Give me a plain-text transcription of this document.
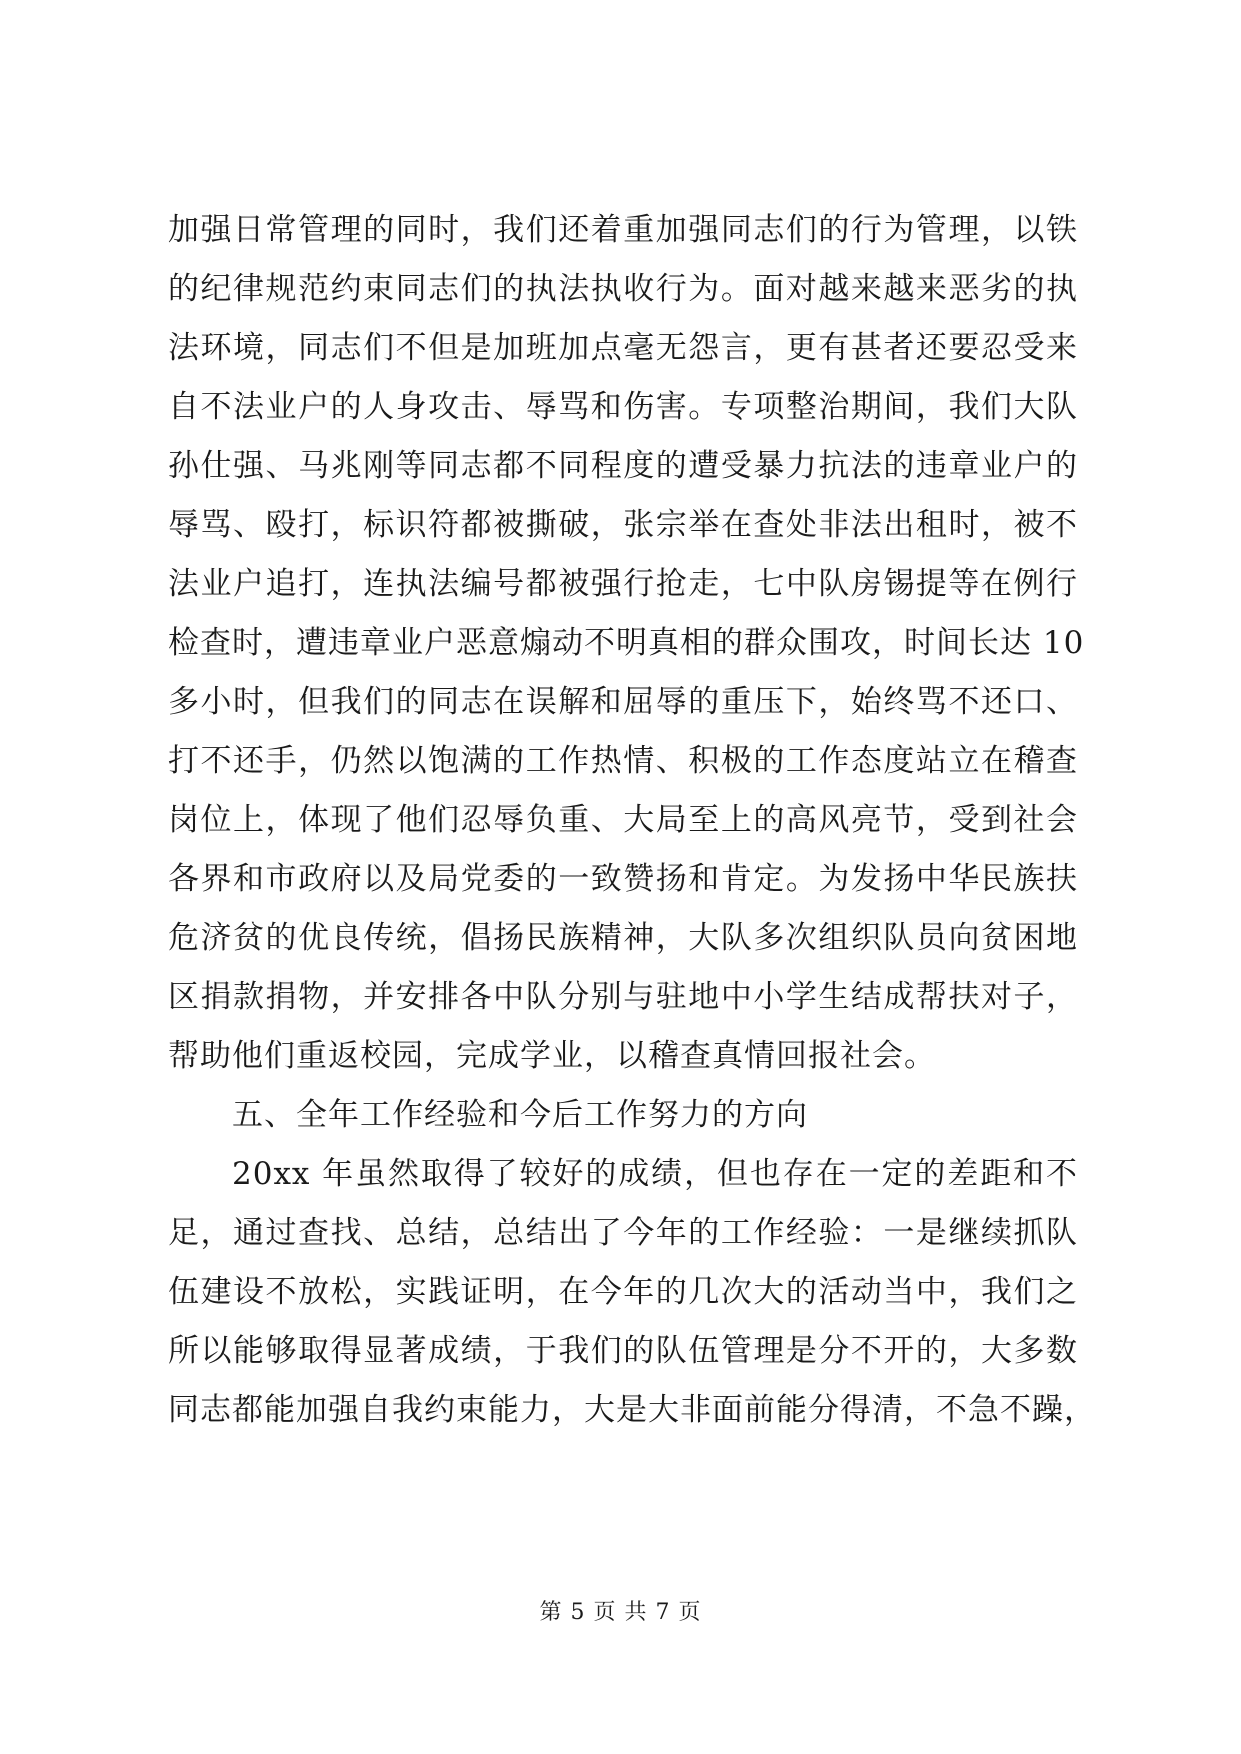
加强日常管理的同时，我们还着重加强同志们的行为管理，以铁
的纪律规范约束同志们的执法执收行为。面对越来越来恶劣的执
法环境，同志们不但是加班加点毫无怨言，更有甚者还要忍受来
自不法业户的人身攻击、辱骂和伤害。专项整治期间，我们大队
孙仕强、马兆刚等同志都不同程度的遭受暴力抗法的违章业户的
辱骂、殴打，标识符都被撕破，张宗举在查处非法出租时，被不
法业户追打，连执法编号都被强行抢走，七中队房锡提等在例行
检查时，遭违章业户恶意煽动不明真相的群众围攻，时间长达 10
多小时，但我们的同志在误解和屈辱的重压下，始终骂不还口、
打不还手，仍然以饱满的工作热情、积极的工作态度站立在稽查
岗位上，体现了他们忍辱负重、大局至上的高风亮节，受到社会
各界和市政府以及局党委的一致赞扬和肯定。为发扬中华民族扶
危济贫的优良传统，倡扬民族精神，大队多次组织队员向贫困地
区捐款捐物，并安排各中队分别与驻地中小学生结成帮扶对子，
帮助他们重返校园，完成学业，以稽查真情回报社会。
五、全年工作经验和今后工作努力的方向
20xx 年虽然取得了较好的成绩，但也存在一定的差距和不
足，通过查找、总结，总结出了今年的工作经验：一是继续抓队
伍建设不放松，实践证明，在今年的几次大的活动当中，我们之
所以能够取得显著成绩，于我们的队伍管理是分不开的，大多数
同志都能加强自我约束能力，大是大非面前能分得清，不急不躁，
第 5 页 共 7 页
